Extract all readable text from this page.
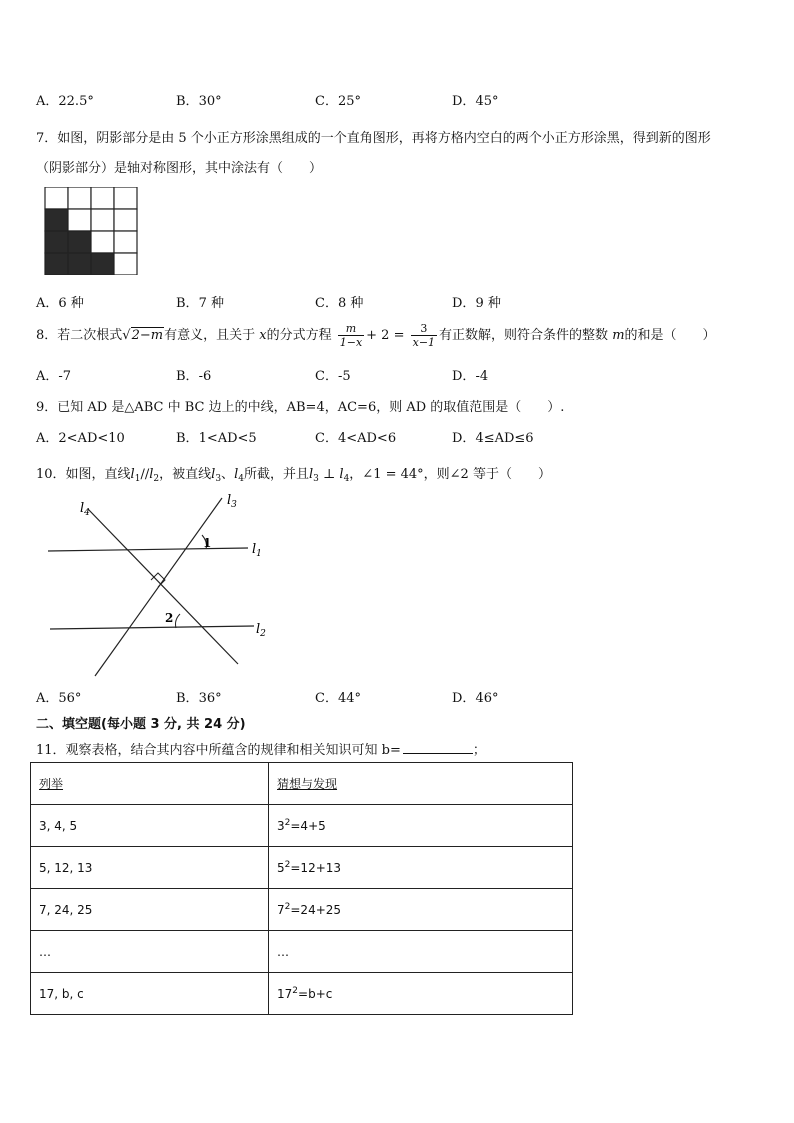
A．22.5°	B．30°	C．25°	D．45°
7．如图，阴影部分是由 5 个小正方形涂黑组成的一个直角图形，再将方格内空白的两个小正方形涂黑，得到新的图形
（阴影部分）是轴对称图形，其中涂法有（　　）
A．6 种	B．7 种	C．8 种	D．9 种
8．若二次根式√2−m有意义，且关于 x的分式方程 $\frac{m}{1-x} + 2 = \frac{3}{x-1}$ 有正数解，则符合条件的整数 m的和是（　　）
A．-7	B．-6	C．-5	D．-4
9．已知 AD 是△ABC 中 BC 边上的中线，AB=4，AC=6，则 AD 的取值范围是（　　）.
A．2<AD<10	B．1<AD<5	C．4<AD<6	D．4≤AD≤6
10．如图，直线$l_1//l_2$，被直线$l_3$、$l_4$所截，并且$l_3$ ⊥ $l_4$，∠1 = 44°，则∠2 等于（　　）
1
2
$l_1$
$l_2$
$l_3$
$l_4$
A．56°	B．36°	C．44°	D．46°
二、填空题(每小题 3 分, 共 24 分)
11．观察表格，结合其内容中所蕴含的规律和相关知识可知 b=	；
列举	猜想与发现
3, 4, 5	$3^2=4+5$
5, 12, 13	$5^2=12+13$
7, 24, 25	$7^2=24+25$
…	…
17, b, c	$17^2=b+c$
